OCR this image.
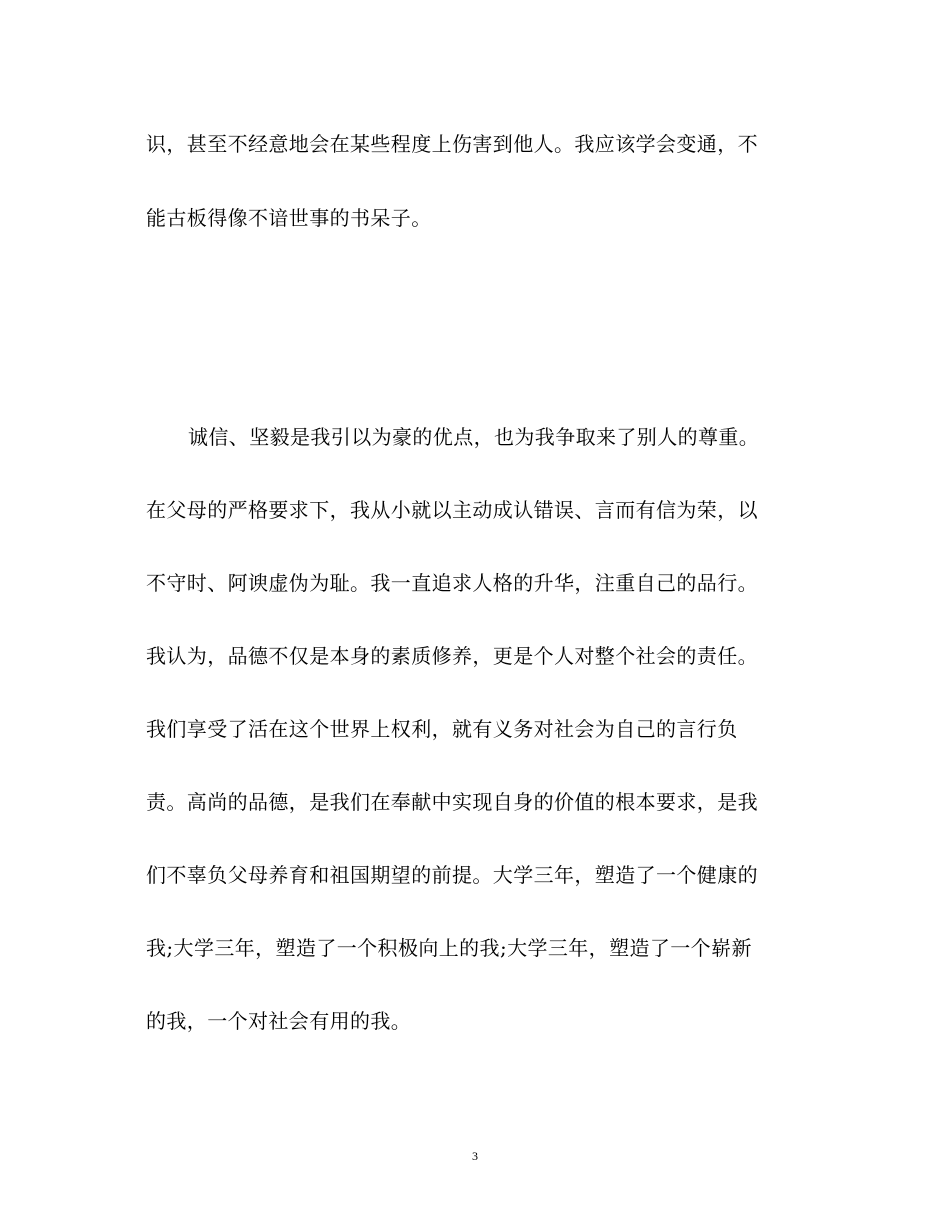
识，甚至不经意地会在某些程度上伤害到他人。我应该学会变通，不
能古板得像不谙世事的书呆子。
诚信、坚毅是我引以为豪的优点，也为我争取来了别人的尊重。
在父母的严格要求下，我从小就以主动成认错误、言而有信为荣，以
不守时、阿谀虚伪为耻。我一直追求人格的升华，注重自己的品行。
我认为，品德不仅是本身的素质修养，更是个人对整个社会的责任。
我们享受了活在这个世界上权利，就有义务对社会为自己的言行负
责。高尚的品德，是我们在奉献中实现自身的价值的根本要求，是我
们不辜负父母养育和祖国期望的前提。大学三年，塑造了一个健康的
我;大学三年，塑造了一个积极向上的我;大学三年，塑造了一个崭新
的我，一个对社会有用的我。
3
